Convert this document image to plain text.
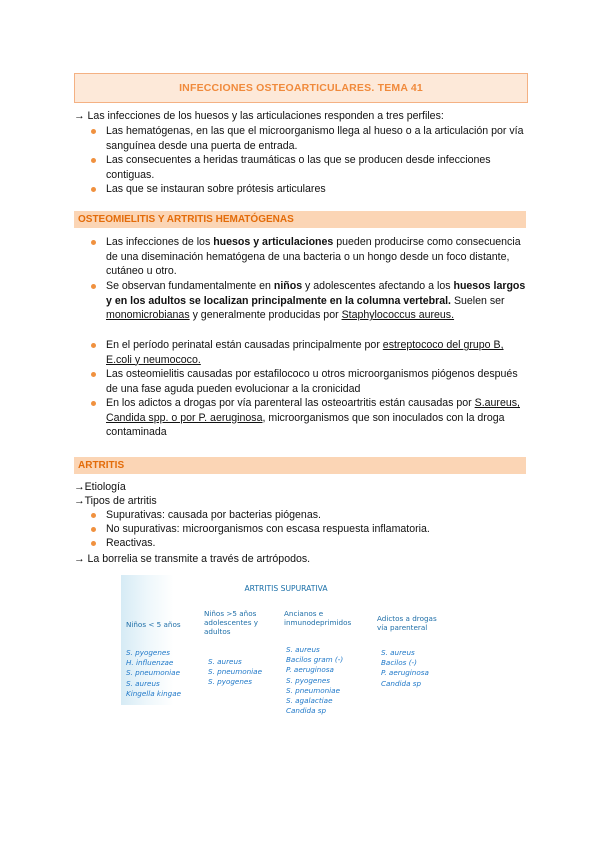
INFECCIONES OSTEOARTICULARES. TEMA 41
→ Las infecciones de los huesos y las articulaciones responden a tres perfiles:
Las hematógenas, en las que el microorganismo llega al hueso o a la articulación por vía sanguínea desde una puerta de entrada.
Las consecuentes a heridas traumáticas o las que se producen desde infecciones contiguas.
Las que se instauran sobre prótesis articulares
OSTEOMIELITIS Y ARTRITIS HEMATÓGENAS
Las infecciones de los huesos y articulaciones pueden producirse como consecuencia de una diseminación hematógena de una bacteria o un hongo desde un foco distante, cutáneo u otro.
Se observan fundamentalmente en niños y adolescentes afectando a los huesos largos y en los adultos se localizan principalmente en la columna vertebral. Suelen ser monomicrobianas y generalmente producidas por Staphylococcus aureus.
En el período perinatal están causadas principalmente por estreptococo del grupo B, E.coli y neumococo.
Las osteomielitis causadas por estafilococo u otros microorganismos piógenos después de una fase aguda pueden evolucionar a la cronicidad
En los adictos a drogas por vía parenteral las osteoartritis están causadas por S.aureus, Candida spp. o por P. aeruginosa, microorganismos que son inoculados con la droga contaminada
ARTRITIS
→Etiología
→Tipos de artritis
Supurativas: causada por bacterias piógenas.
No supurativas: microorganismos con escasa respuesta inflamatoria.
Reactivas.
→ La borrelia se transmite a través de artrópodos.
ARTRITIS SUPURATIVA
Niños < 5 años
S. pyogenes
H. influenzae
S. pneumoniae
S. aureus
Kingella kingae
Niños >5 años
adolescentes y
adultos
S. aureus
S. pneumoniae
S. pyogenes
Ancianos e
inmunodeprimidos
S. aureus
Bacilos gram (-)
P. aeruginosa
S. pyogenes
S. pneumoniae
S. agalactiae
Candida sp
Adictos a drogas
vía parenteral
S. aureus
Bacilos (-)
P. aeruginosa
Candida sp
